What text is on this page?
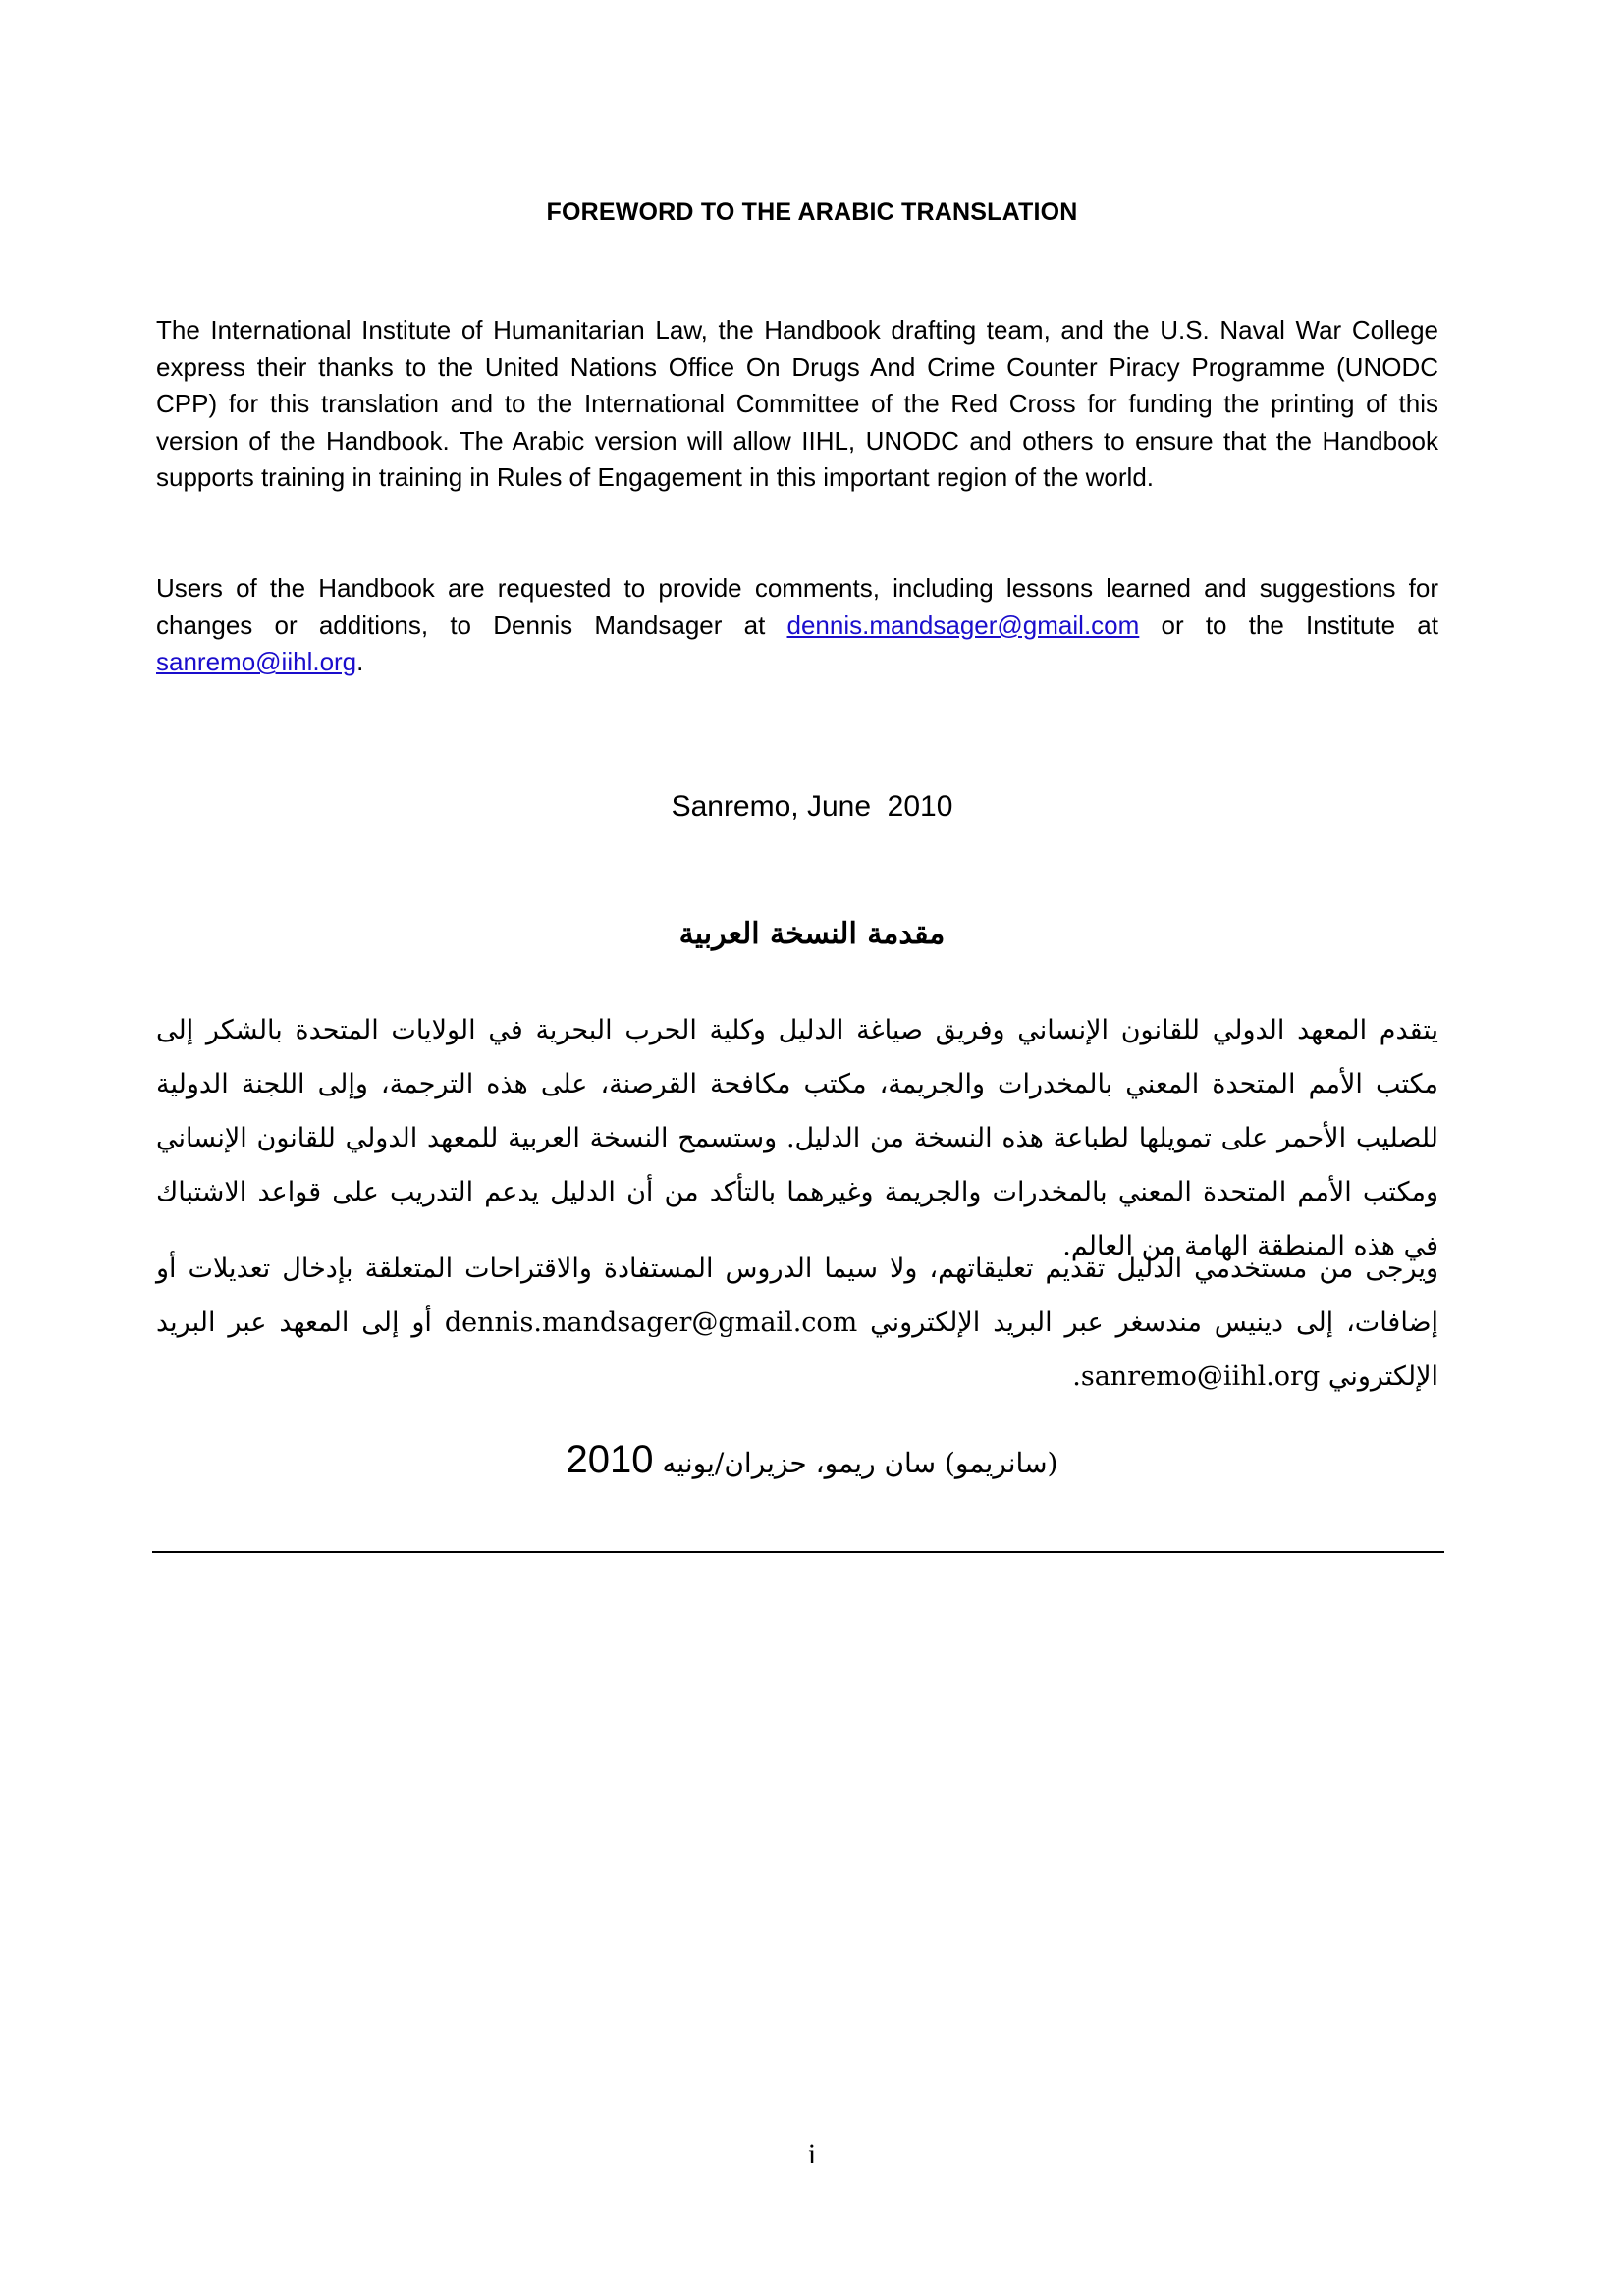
FOREWORD TO THE ARABIC TRANSLATION

The International Institute of Humanitarian Law, the Handbook drafting team, and the U.S. Naval War College express their thanks to the United Nations Office On Drugs And Crime Counter Piracy Programme (UNODC CPP) for this translation and to the International Committee of the Red Cross for funding the printing of this version of the Handbook. The Arabic version will allow IIHL, UNODC and others to ensure that the Handbook supports training in training in Rules of Engagement in this important region of the world.

Users of the Handbook are requested to provide comments, including lessons learned and suggestions for changes or additions, to Dennis Mandsager at dennis.mandsager@gmail.com or to the Institute at sanremo@iihl.org.

Sanremo, June  2010
مقدمة النسخة العربية

يتقدم المعهد الدولي للقانون الإنساني وفريق صياغة الدليل وكلية الحرب البحرية في الولايات المتحدة بالشكر إلى مكتب الأمم المتحدة المعني بالمخدرات والجريمة، مكتب مكافحة القرصنة، على هذه الترجمة، وإلى اللجنة الدولية للصليب الأحمر على تمويلها لطباعة هذه النسخة من الدليل. وستسمح النسخة العربية للمعهد الدولي للقانون الإنساني ومكتب الأمم المتحدة المعني بالمخدرات والجريمة وغيرهما بالتأكد من أن الدليل يدعم التدريب على قواعد الاشتباك في هذه المنطقة الهامة من العالم.

ويرجى من مستخدمي الدليل تقديم تعليقاتهم، ولا سيما الدروس المستفادة والاقتراحات المتعلقة بإدخال تعديلات أو إضافات، إلى دينيس مندسغر عبر البريد الإلكتروني dennis.mandsager@gmail.com أو إلى المعهد عبر البريد الإلكتروني sanremo@iihl.org.

(سانريمو) سان ريمو، حزيران/يونيه 2010
i
